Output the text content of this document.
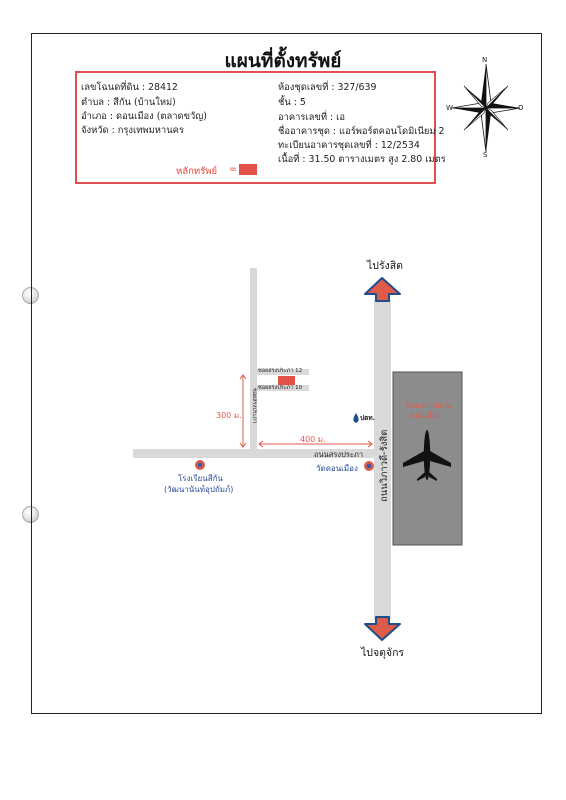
แผนที่ตั้งทรัพย์
เลขโฉนดที่ดิน : 28412
ตำบล : สีกัน (บ้านใหม่)
อำเภอ : ดอนเมือง (ตลาดขวัญ)
จังหวัด : กรุงเทพมหานคร
ห้องชุดเลขที่ : 327/639
ชั้น : 5
อาคารเลขที่ : เอ
ชื่ออาคารชุด : แอร์พอร์ตคอนโดมิเนียม 2
ทะเบียนอาคารชุดเลขที่ : 12/2534
เนื้อที่ : 31.50 ตารางเมตร สูง 2.80 เมตร
หลักทรัพย์ =
N
S
W	O
ไปรังสิต
ไปจตุจักร
ถนนวิภาวดี-รังสิต
ถนนสรงประภา
ซอยสรงประภา
ซอยสรงประภา 12
ซอยสรงประภา 10
300 ม.
400 ม.
ปตท.
ท่าอากาศยาน
ดอนเมือง
โรงเรียนสีกัน
(วัฒนานันท์อุปถัมภ์)
วัดดอนเมือง
